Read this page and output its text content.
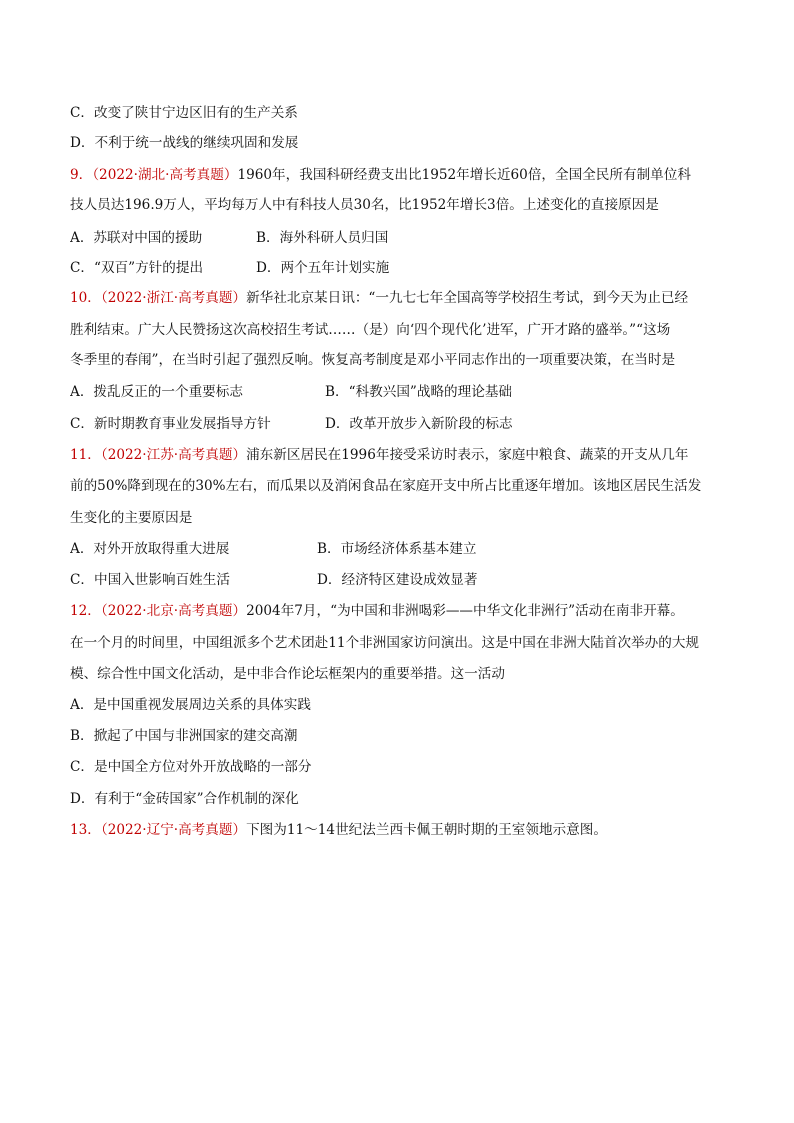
C．改变了陕甘宁边区旧有的生产关系
D．不利于统一战线的继续巩固和发展
9．（2022·湖北·高考真题）1960年，我国科研经费支出比1952年增长近60倍，全国全民所有制单位科
技人员达196.9万人，平均每万人中有科技人员30名，比1952年增长3倍。上述变化的直接原因是
A．苏联对中国的援助	B．海外科研人员归国
C．“双百”方针的提出	D．两个五年计划实施
10．（2022·浙江·高考真题）新华社北京某日讯：“一九七七年全国高等学校招生考试，到今天为止已经
胜利结束。广大人民赞扬这次高校招生考试……（是）向‘四个现代化’进军，广开才路的盛举。”“这场
冬季里的春闱”，在当时引起了强烈反响。恢复高考制度是邓小平同志作出的一项重要决策，在当时是
A．拨乱反正的一个重要标志	B．“科教兴国”战略的理论基础
C．新时期教育事业发展指导方针	D．改革开放步入新阶段的标志
11．（2022·江苏·高考真题）浦东新区居民在1996年接受采访时表示，家庭中粮食、蔬菜的开支从几年
前的50%降到现在的30%左右，而瓜果以及消闲食品在家庭开支中所占比重逐年增加。该地区居民生活发
生变化的主要原因是
A．对外开放取得重大进展	B．市场经济体系基本建立
C．中国入世影响百姓生活	D．经济特区建设成效显著
12．（2022·北京·高考真题）2004年7月，“为中国和非洲喝彩——中华文化非洲行”活动在南非开幕。
在一个月的时间里，中国组派多个艺术团赴11个非洲国家访问演出。这是中国在非洲大陆首次举办的大规
模、综合性中国文化活动，是中非合作论坛框架内的重要举措。这一活动
A．是中国重视发展周边关系的具体实践
B．掀起了中国与非洲国家的建交高潮
C．是中国全方位对外开放战略的一部分
D．有利于“金砖国家”合作机制的深化
13．（2022·辽宁·高考真题）下图为11～14世纪法兰西卡佩王朝时期的王室领地示意图。
